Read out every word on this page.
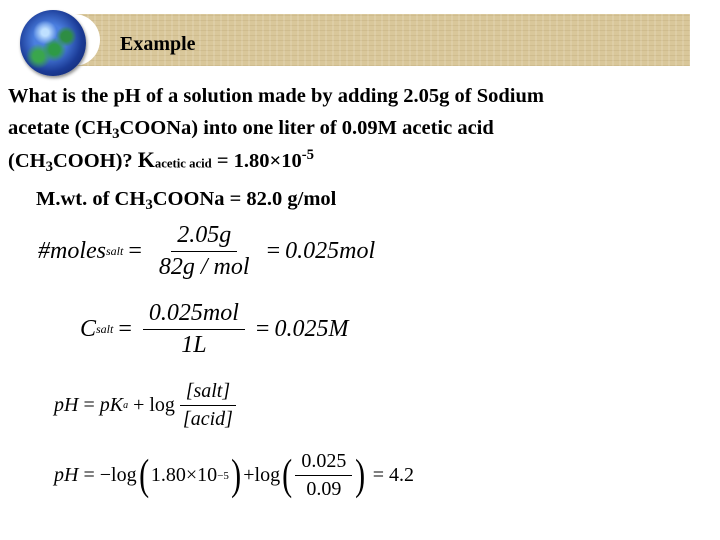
Example
What is the pH of a solution made by adding 2.05g of Sodium
acetate $(CH_3COONa)$ into one liter of 0.09M acetic acid
$(CH_3COOH)$? Kacetic acid = $1.80\times 10^{-5}$
M.wt. of $CH_3COONa = 82.0$ g/mol
#moles salt = $\frac{2.05g}{\text{82g / mol}} = 0.025mol$
C salt = $\frac{\text{0.025mol}}{1L} = 0.025M$
pH = pK $a + \log \frac{\text{[salt]}}{\text{[acid]}}$
pH = − log ( 1.80×10 −5 ) + log ( $\frac{0.025}{0.09}$ ) = 4.2
